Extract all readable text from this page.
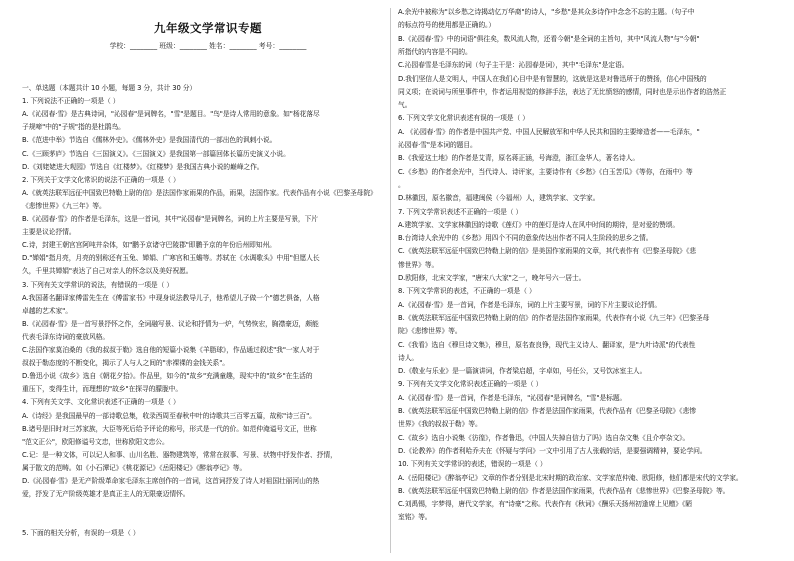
九年级文学常识专题
学校：________ 班级：________ 姓名：________ 考号：________
一、单选题（本题共计 10 小题，每题 3 分，共计 30 分）
1. 下列说法不正确的一项是（ ）
A.《沁园春·雪》是古典诗词，"沁园春"是词牌名，"雪"是题目。"鸟"是诗人常用的意象。如"杨花落尽
子规啼"中的"子规"指的是杜鹃鸟。
B.《范进中举》节选自《儒林外史》。《儒林外史》是我国清代的一部出色的讽刺小说。
C.《三顾茅庐》节选自《三国演义》。《三国演义》是我国第一部篇回体长篇历史演义小说。
D.《刘姥姥进大观园》节选自《红楼梦》。《红楼梦》是我国古典小说的巅峰之作。
2. 下列关于文学文化常识的说法不正确的一项是（ ）
A.《就英法联军远征中国致巴特勒上尉的信》是法国作家雨果的作品，雨果，法国作家。代表作品有小说《巴黎圣母院》
《悲惨世界》《九三年》等。
B.《沁园春·雪》的作者是毛泽东，这是一首词，其中"沁园春"是词牌名，词的上片主要是写景，下片
主要是议论抒情。
C.诗，封建王朝宫宫阿吨井杂体，如"鹏予京诸守巴陵郡"即鹏予京的年份后州即知州。
D."婵娟"指月亮，月亮的别称还有玉兔、婵娟、广寒宫和玉蟾等。苏轼在《水调歌头》中用"但愿人长
久，千里共婵娟"表达了自己对亲人的怀念以及美好祝愿。
3. 下列有关文学常识的说法，有错误的一项是（ ）
A.我国著名翻译家傅雷先生在《傅雷家书》中现身说法教导儿子，他希望儿子做一个"德艺俱备，人格
卓越的艺术家"。
B.《沁园春·雪》是一首写景抒怀之作，全词融写景、议论和抒情为一炉，气势恢宏，胸襟豪迈，颇能
代表毛泽东诗词的豪放风格。
C.法国作家莫泊桑的《我的叔叔于勒》选自他的短篇小说集《羊脂球》，作品通过叙述"我"一家人对于
叔叔于勒态度的不断变化，揭示了人与人之间的"赤裸裸的金钱关系"。
D.鲁迅小说《故乡》选自《朝花夕拾》。作品里，如今的"故乡"充满童趣，现实中的"故乡"在生活的
重压下，变得生计，而理想的"故乡"在探寻的朦胧中。
4. 下列有关文学、文化常识表述不正确的一项是（ ）
A.《诗经》是我国最早的一部诗歌总集，收录西周至春秋中叶的诗歌共三百零五篇，故称"诗三百"。
B.诸号是旧时对三苏家族，大臣等死后给予评论的称号，形式是一代的价。如范仲淹谥号文正，世称
"范文正公"，欧阳修谥号文忠，世称欧阳文忠公。
C.记：是一种文体，可以记人和事、山川名胜、器物建筑等，常常在叙事、写景、状物中抒发作者、抒情，
属于散文的范畴。如《小石潭记》《桃花源记》《岳阳楼记》《醉翁亭记》等。
D.《沁园春·雪》是无产阶级革命家毛泽东主席创作的一首词，这首词抒发了诗人对祖国壮丽河山的热
爱，抒发了无产阶级英雄才是真正主人的无限豪迈情怀。
5. 下面的相关分析，有误的一项是（ ）
A.余光中被称为"以乡愁之诗揭动亿万华裔"的诗人，"乡愁"是其众多诗作中念念不忘的主题。（句子中
的标点符号的使用都是正确的。）
B.《沁园春·雪》中的词语"俱往矣，数风流人物，还看今朝"是全词的主旨句，其中"风流人物"与"今朝"
所指代的内容是不同的。
C.沁园春雪是毛泽东的词（句子主干是：沁园春是词），其中"毛泽东"是定语。
D.我们坚信人是文明人，中国人在我们心目中是有智慧的，这就是这是对鲁迅所于的赞扬，信心中国残的
同义项；在说词与所里事件中，作者运用视觉的修辞手法，表达了无比愤怒的感情，同时也是示出作者的浩然正
气。
6. 下列文学文化常识表述有误的一项是（ ）
A. 《沁园春·雪》的作者是中国共产党、中国人民解放军和中华人民共和国的主要缔造者——毛泽东，"
沁园春·雪"是本词的题目。
B.《我爱这土地》的作者是艾青，原名蒋正涵，号海澄，浙江金华人，著名诗人。
C.《乡愁》的作者余光中，当代诗人、诗评家，主要诗作有《乡愁》《白玉苦瓜》《等你，在雨中》等
。
D.林徽因，原名徽音，福建闽侯（今福州）人，建筑学家、文学家。
7. 下列文学常识表述不正确的一项是（ ）
A.建筑学家、文学家林徽因的诗歌《莲灯》中的莲灯是诗人在风中时间的期待，是对爱的赞颂。
B.台湾诗人余光中的《乡愁》用四个不同的意象传达出作者不同人生阶段的思乡之情。
C.《就英法联军远征中国致巴特勒上尉的信》是美国作家雨果的文章，其代表作有《巴黎圣母院》《悲
惨世界》等。
D.欧阳修，北宋文学家，"唐宋八大家"之一，晚年号六一居士。
8. 下列文学常识的表述，不正确的一项是（ ）
A.《沁园春·雪》是一首词，作者是毛泽东，词的上片主要写景，词的下片主要议论抒情。
B.《就英法联军远征中国致巴特勒上尉的信》的作者是法国作家雨果，代表作有小说《九三年》《巴黎圣母
院》《悲惨世界》等。
C.《我看》选自《穆旦诗文集》，穆旦，原名查良铮，现代主义诗人、翻译家，是"九叶诗派"的代表性
诗人。
D.《敬业与乐业》是一篇演讲词，作者梁启超，字卓如，号任公，又号饮冰室主人。
9. 下列有关文学文化常识表述正确的一项是（ ）
A.《沁园春·雪》是一首词，作者是毛泽东，"沁园春"是词牌名，"雪"是标题。
B.《就英法联军远征中国致巴特勒上尉的信》作者是法国作家雨果，代表作品有《巴黎圣母院》《悲惨
世界》《我的叔叔于勒》等。
C.《故乡》选自小说集《彷徨》，作者鲁迅，《中国人失掉自信力了吗》选自杂文集《且介亭杂文》。
D.《论教养》的作者利哈乔夫在《怀疑与学问》一文中引用了古人张载的话，是要强调精神，要论学问。
10. 下列有关文学常识的表述，错误的一项是（ ）
A.《岳阳楼记》《醉翁亭记》文章的作者分别是北宋时期的政治家、文学家范仲淹、欧阳修，他们都是宋代的文学家。
B.《就英法联军远征中国致巴特勒上尉的信》作者是法国作家雨果，代表作品有《悲惨世界》《巴黎圣母院》等。
C.刘禹锡，字梦得，唐代文学家，有"诗豪"之称。代表作有《秋词》《酬乐天扬州初逢席上见赠》《陋
室铭》等。
